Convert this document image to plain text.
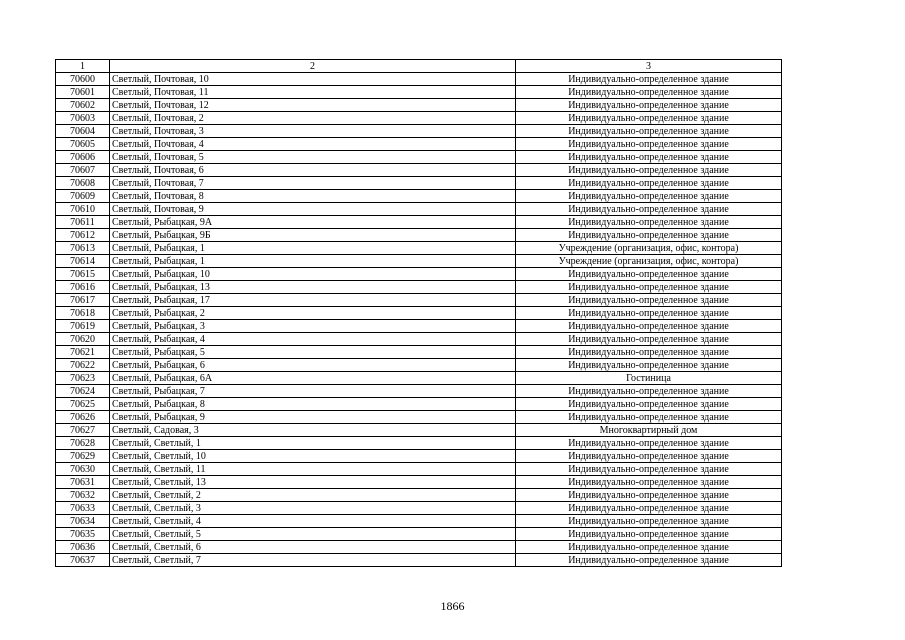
1	2	3
70600	Светлый, Почтовая, 10	Индивидуально-определенное здание
70601	Светлый, Почтовая, 11	Индивидуально-определенное здание
70602	Светлый, Почтовая, 12	Индивидуально-определенное здание
70603	Светлый, Почтовая, 2	Индивидуально-определенное здание
70604	Светлый, Почтовая, 3	Индивидуально-определенное здание
70605	Светлый, Почтовая, 4	Индивидуально-определенное здание
70606	Светлый, Почтовая, 5	Индивидуально-определенное здание
70607	Светлый, Почтовая, 6	Индивидуально-определенное здание
70608	Светлый, Почтовая, 7	Индивидуально-определенное здание
70609	Светлый, Почтовая, 8	Индивидуально-определенное здание
70610	Светлый, Почтовая, 9	Индивидуально-определенное здание
70611	Светлый, Рыбацкая, 9А	Индивидуально-определенное здание
70612	Светлый, Рыбацкая, 9Б	Индивидуально-определенное здание
70613	Светлый, Рыбацкая, 1	Учреждение (организация, офис, контора)
70614	Светлый, Рыбацкая, 1	Учреждение (организация, офис, контора)
70615	Светлый, Рыбацкая, 10	Индивидуально-определенное здание
70616	Светлый, Рыбацкая, 13	Индивидуально-определенное здание
70617	Светлый, Рыбацкая, 17	Индивидуально-определенное здание
70618	Светлый, Рыбацкая, 2	Индивидуально-определенное здание
70619	Светлый, Рыбацкая, 3	Индивидуально-определенное здание
70620	Светлый, Рыбацкая, 4	Индивидуально-определенное здание
70621	Светлый, Рыбацкая, 5	Индивидуально-определенное здание
70622	Светлый, Рыбацкая, 6	Индивидуально-определенное здание
70623	Светлый, Рыбацкая, 6А	Гостиница
70624	Светлый, Рыбацкая, 7	Индивидуально-определенное здание
70625	Светлый, Рыбацкая, 8	Индивидуально-определенное здание
70626	Светлый, Рыбацкая, 9	Индивидуально-определенное здание
70627	Светлый, Садовая, 3	Многоквартирный дом
70628	Светлый, Светлый, 1	Индивидуально-определенное здание
70629	Светлый, Светлый, 10	Индивидуально-определенное здание
70630	Светлый, Светлый, 11	Индивидуально-определенное здание
70631	Светлый, Светлый, 13	Индивидуально-определенное здание
70632	Светлый, Светлый, 2	Индивидуально-определенное здание
70633	Светлый, Светлый, 3	Индивидуально-определенное здание
70634	Светлый, Светлый, 4	Индивидуально-определенное здание
70635	Светлый, Светлый, 5	Индивидуально-определенное здание
70636	Светлый, Светлый, 6	Индивидуально-определенное здание
70637	Светлый, Светлый, 7	Индивидуально-определенное здание
1866
